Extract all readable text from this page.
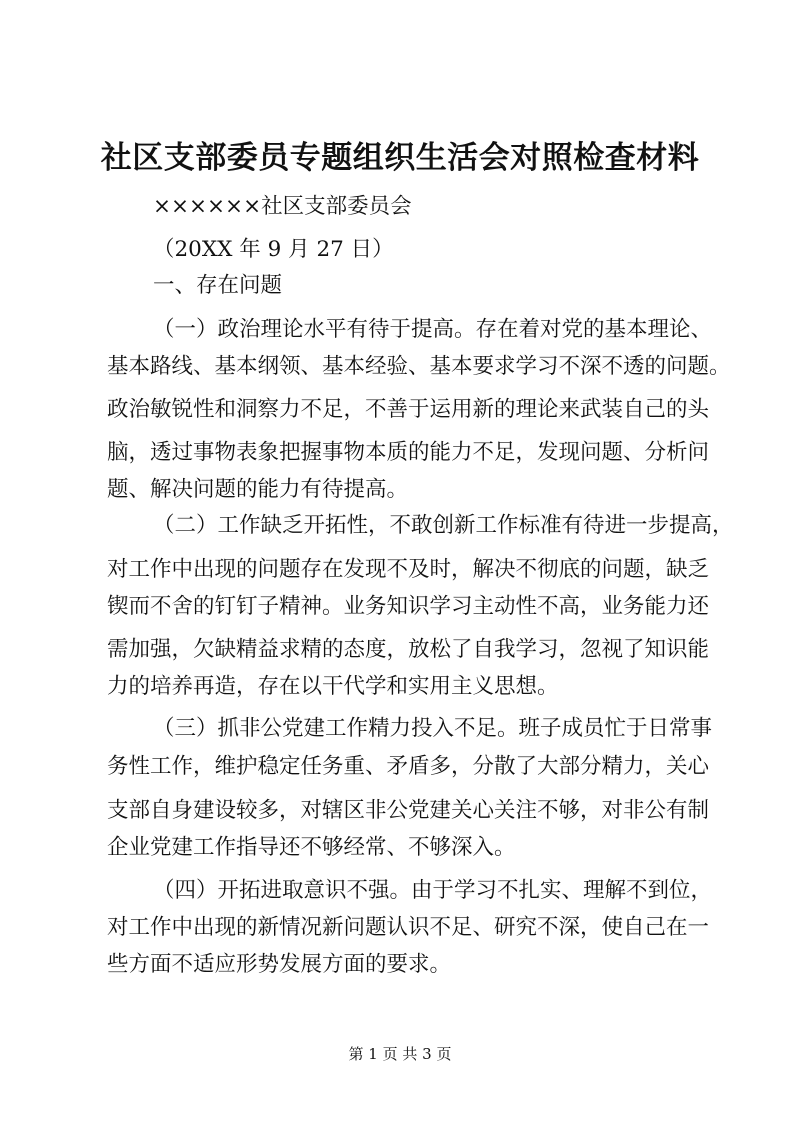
社区支部委员专题组织生活会对照检查材料
××××××社区支部委员会
（20XX 年 9 月 27 日）
一、存在问题
（一）政治理论水平有待于提高。存在着对党的基本理论、
基本路线、基本纲领、基本经验、基本要求学习不深不透的问题。
政治敏锐性和洞察力不足，不善于运用新的理论来武装自己的头
脑，透过事物表象把握事物本质的能力不足，发现问题、分析问
题、解决问题的能力有待提高。
（二）工作缺乏开拓性，不敢创新工作标准有待进一步提高，
对工作中出现的问题存在发现不及时，解决不彻底的问题，缺乏
锲而不舍的钉钉子精神。业务知识学习主动性不高，业务能力还
需加强，欠缺精益求精的态度，放松了自我学习，忽视了知识能
力的培养再造，存在以干代学和实用主义思想。
（三）抓非公党建工作精力投入不足。班子成员忙于日常事
务性工作，维护稳定任务重、矛盾多，分散了大部分精力，关心
支部自身建设较多，对辖区非公党建关心关注不够，对非公有制
企业党建工作指导还不够经常、不够深入。
（四）开拓进取意识不强。由于学习不扎实、理解不到位，
对工作中出现的新情况新问题认识不足、研究不深，使自己在一
些方面不适应形势发展方面的要求。
第 1 页 共 3 页
